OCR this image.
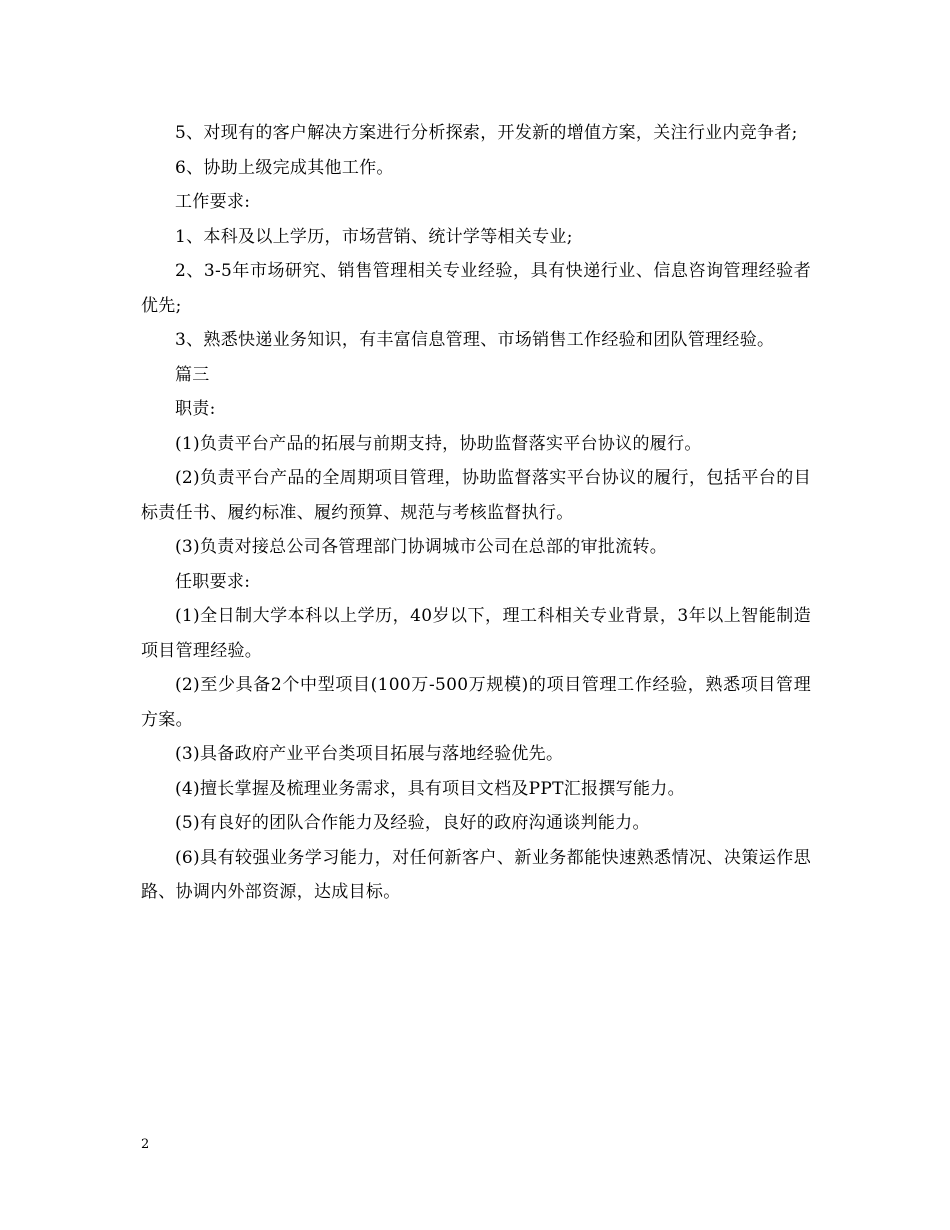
5、对现有的客户解决方案进行分析探索，开发新的增值方案，关注行业内竞争者;

6、协助上级完成其他工作。

工作要求:

1、本科及以上学历，市场营销、统计学等相关专业;

2、3-5年市场研究、销售管理相关专业经验，具有快递行业、信息咨询管理经验者优先;

3、熟悉快递业务知识，有丰富信息管理、市场销售工作经验和团队管理经验。

篇三

职责:

(1)负责平台产品的拓展与前期支持，协助监督落实平台协议的履行。

(2)负责平台产品的全周期项目管理，协助监督落实平台协议的履行，包括平台的目标责任书、履约标准、履约预算、规范与考核监督执行。

(3)负责对接总公司各管理部门协调城市公司在总部的审批流转。

任职要求:

(1)全日制大学本科以上学历，40岁以下，理工科相关专业背景，3年以上智能制造项目管理经验。

(2)至少具备2个中型项目(100万-500万规模)的项目管理工作经验，熟悉项目管理方案。

(3)具备政府产业平台类项目拓展与落地经验优先。

(4)擅长掌握及梳理业务需求，具有项目文档及PPT汇报撰写能力。

(5)有良好的团队合作能力及经验，良好的政府沟通谈判能力。

(6)具有较强业务学习能力，对任何新客户、新业务都能快速熟悉情况、决策运作思路、协调内外部资源，达成目标。

2
